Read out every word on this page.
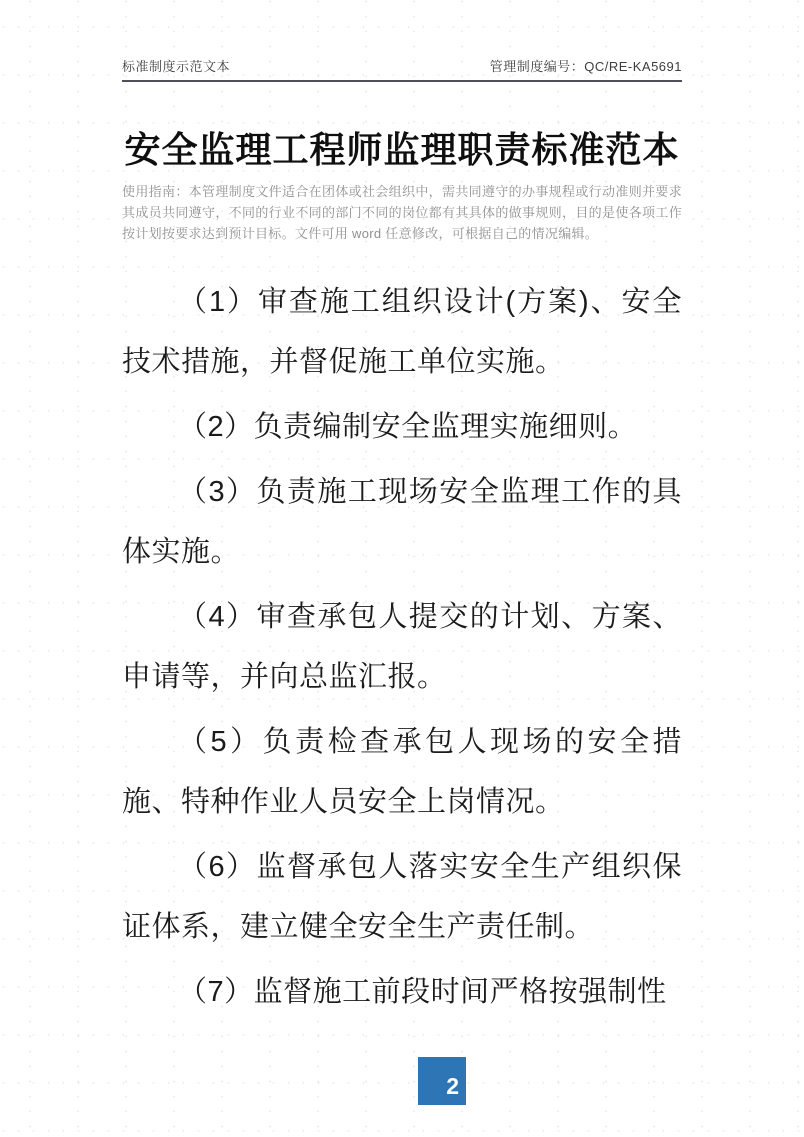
标准制度示范文本	管理制度编号：QC/RE-KA5691
安全监理工程师监理职责标准范本

使用指南：本管理制度文件适合在团体或社会组织中，需共同遵守的办事规程或行动准则并要求其成员共同遵守，不同的行业不同的部门不同的岗位都有其具体的做事规则，目的是使各项工作按计划按要求达到预计目标。文件可用 word 任意修改，可根据自己的情况编辑。

（1）审查施工组织设计(方案)、安全技术措施，并督促施工单位实施。

（2）负责编制安全监理实施细则。

（3）负责施工现场安全监理工作的具体实施。

（4）审查承包人提交的计划、方案、申请等，并向总监汇报。

（5）负责检查承包人现场的安全措施、特种作业人员安全上岗情况。

（6）监督承包人落实安全生产组织保证体系，建立健全安全生产责任制。

（7）监督施工前段时间严格按强制性

2
